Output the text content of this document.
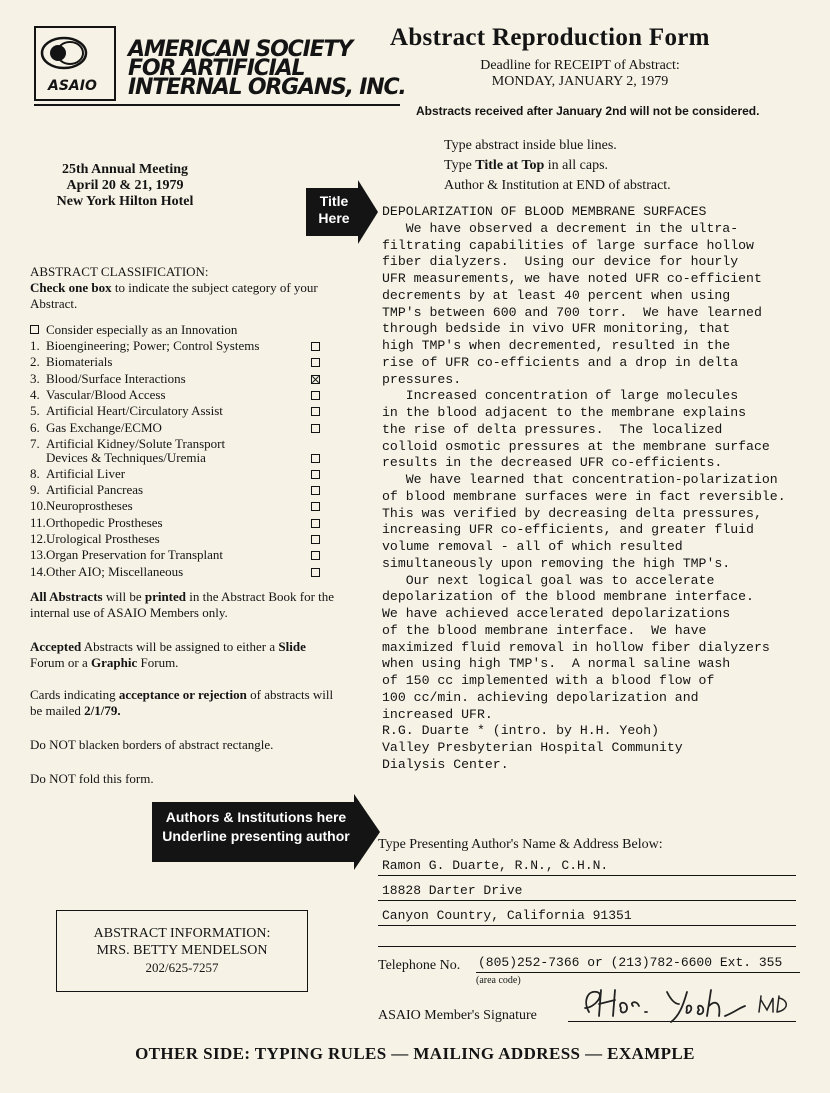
ASAIO
AMERICAN SOCIETY
FOR ARTIFICIAL
INTERNAL ORGANS, INC.
Abstract Reproduction Form
Deadline for RECEIPT of Abstract:
MONDAY, JANUARY 2, 1979
Abstracts received after January 2nd will not be considered.
Type abstract inside blue lines.
Type Title at Top in all caps.
Author & Institution at END of abstract.
25th Annual Meeting
April 20 & 21, 1979
New York Hilton Hotel	Title
Here	DEPOLARIZATION OF BLOOD MEMBRANE SURFACES
We have observed a decrement in the ultra-
filtrating capabilities of large surface hollow
fiber dialyzers.  Using our device for hourly
UFR measurements, we have noted UFR co-efficient
decrements by at least 40 percent when using
TMP's between 600 and 700 torr.  We have learned
through bedside in vivo UFR monitoring, that
high TMP's when decremented, resulted in the
rise of UFR co-efficients and a drop in delta
pressures.
Increased concentration of large molecules
in the blood adjacent to the membrane explains
the rise of delta pressures.  The localized
colloid osmotic pressures at the membrane surface
results in the decreased UFR co-efficients.
We have learned that concentration-polarization
of blood membrane surfaces were in fact reversible.
This was verified by decreasing delta pressures,
increasing UFR co-efficients, and greater fluid
volume removal - all of which resulted
simultaneously upon removing the high TMP's.
Our next logical goal was to accelerate
depolarization of the blood membrane interface.
We have achieved accelerated depolarizations
of the blood membrane interface.  We have
maximized fluid removal in hollow fiber dialyzers
when using high TMP's.  A normal saline wash
of 150 cc implemented with a blood flow of
100 cc/min. achieving depolarization and
increased UFR.
R.G. Duarte * (intro. by H.H. Yeoh)
Valley Presbyterian Hospital Community
Dialysis Center.
ABSTRACT CLASSIFICATION:
Check one box to indicate the subject category of your Abstract.
Consider especially as an Innovation
1. Bioengineering; Power; Control Systems
2. Biomaterials
3. Blood/Surface Interactions
4. Vascular/Blood Access
5. Artificial Heart/Circulatory Assist
6. Gas Exchange/ECMO
7. Artificial Kidney/Solute Transport
Devices & Techniques/Uremia
8. Artificial Liver
9. Artificial Pancreas
10.Neuroprostheses
11.Orthopedic Prostheses
12.Urological Prostheses
13.Organ Preservation for Transplant
14.Other AIO; Miscellaneous
All Abstracts will be printed in the Abstract Book for the internal use of ASAIO Members only.
Accepted Abstracts will be assigned to either a Slide Forum or a Graphic Forum.
Cards indicating acceptance or rejection of abstracts will be mailed 2/1/79.
Do NOT blacken borders of abstract rectangle.
Do NOT fold this form.
Authors & Institutions here
Underline presenting author
Type Presenting Author's Name & Address Below:
Ramon G. Duarte, R.N., C.H.N.
18828 Darter Drive
Canyon Country, California 91351
Telephone No. (805)252-7366 or (213)782-6600 Ext. 355
(area code)
ASAIO Member's Signature
ABSTRACT INFORMATION:
MRS. BETTY MENDELSON
202/625-7257
OTHER SIDE: TYPING RULES — MAILING ADDRESS — EXAMPLE
